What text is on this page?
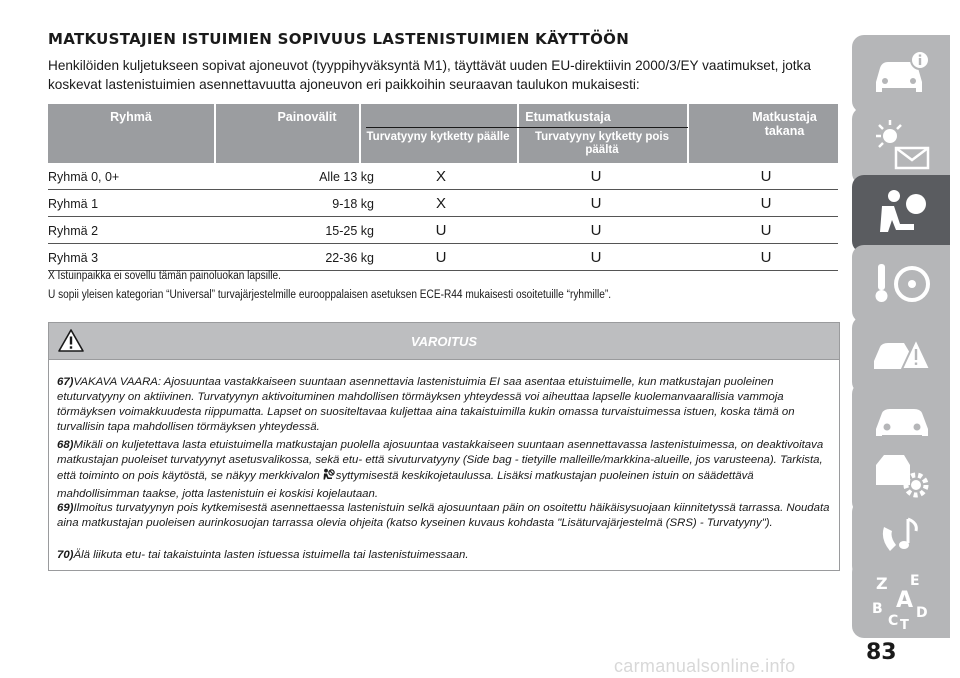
MATKUSTAJIEN ISTUIMIEN SOPIVUUS LASTENISTUIMIEN KÄYTTÖÖN
Henkilöiden kuljetukseen sopivat ajoneuvot (tyyppihyväksyntä M1), täyttävät uuden EU-direktiivin 2000/3/EY vaatimukset, jotka koskevat lastenistuimien asennettavuutta ajoneuvon eri paikkoihin seuraavan taulukon mukaisesti:
Ryhmä	Painovälit	Etumatkustaja
Turvatyyny kytketty päälle	Turvatyyny kytketty pois päältä
Matkustaja takana
Ryhmä 0, 0+	Alle 13 kg	X	U	U
Ryhmä 1	9-18 kg	X	U	U
Ryhmä 2	15-25 kg	U	U	U
Ryhmä 3	22-36 kg	U	U	U
X Istuinpaikka ei sovellu tämän painoluokan lapsille.
U sopii yleisen kategorian “Universal” turvajärjestelmille eurooppalaisen asetuksen ECE-R44 mukaisesti osoitetuille “ryhmille”.
VAROITUS
67)VAKAVA VAARA: Ajosuuntaa vastakkaiseen suuntaan asennettavia lastenistuimia EI saa asentaa etuistuimelle, kun matkustajan puoleinen etuturvatyyny on aktiivinen. Turvatyynyn aktivoituminen mahdollisen törmäyksen yhteydessä voi aiheuttaa lapselle kuolemanvaarallisia vammoja törmäyksen voimakkuudesta riippumatta. Lapset on suositeltavaa kuljettaa aina takaistuimilla kukin omassa turvaistuimessa istuen, koska tämä on turvallisin tapa mahdollisen törmäyksen yhteydessä.
68)Mikäli on kuljetettava lasta etuistuimella matkustajan puolella ajosuuntaa vastakkaiseen suuntaan asennettavassa lastenistuimessa, on deaktivoitava matkustajan puoleiset turvatyynyt asetusvalikossa, sekä etu- että sivuturvatyyny (Side bag - tietyille malleille/markkina-alueille, jos varusteena). Tarkista, että toiminto on pois käytöstä, se näkyy merkkivalon syttymisestä keskikojetaulussa. Lisäksi matkustajan puoleinen istuin on säädettävä mahdollisimman taakse, jotta lastenistuin ei koskisi kojelautaan.
69)Ilmoitus turvatyynyn pois kytkemisestä asennettaessa lastenistuin selkä ajosuuntaan päin on osoitettu häikäisysuojaan kiinnitetyssä tarrassa. Noudata aina matkustajan puoleisen aurinkosuojan tarrassa olevia ohjeita (katso kyseinen kuvaus kohdasta "Lisäturvajärjestelmä (SRS) - Turvatyyny").
70)Älä liikuta etu- tai takaistuinta lasten istuessa istuimella tai lastenistuimessaan.
Z E
A
B D
C T
83
carmanualsonline.info
